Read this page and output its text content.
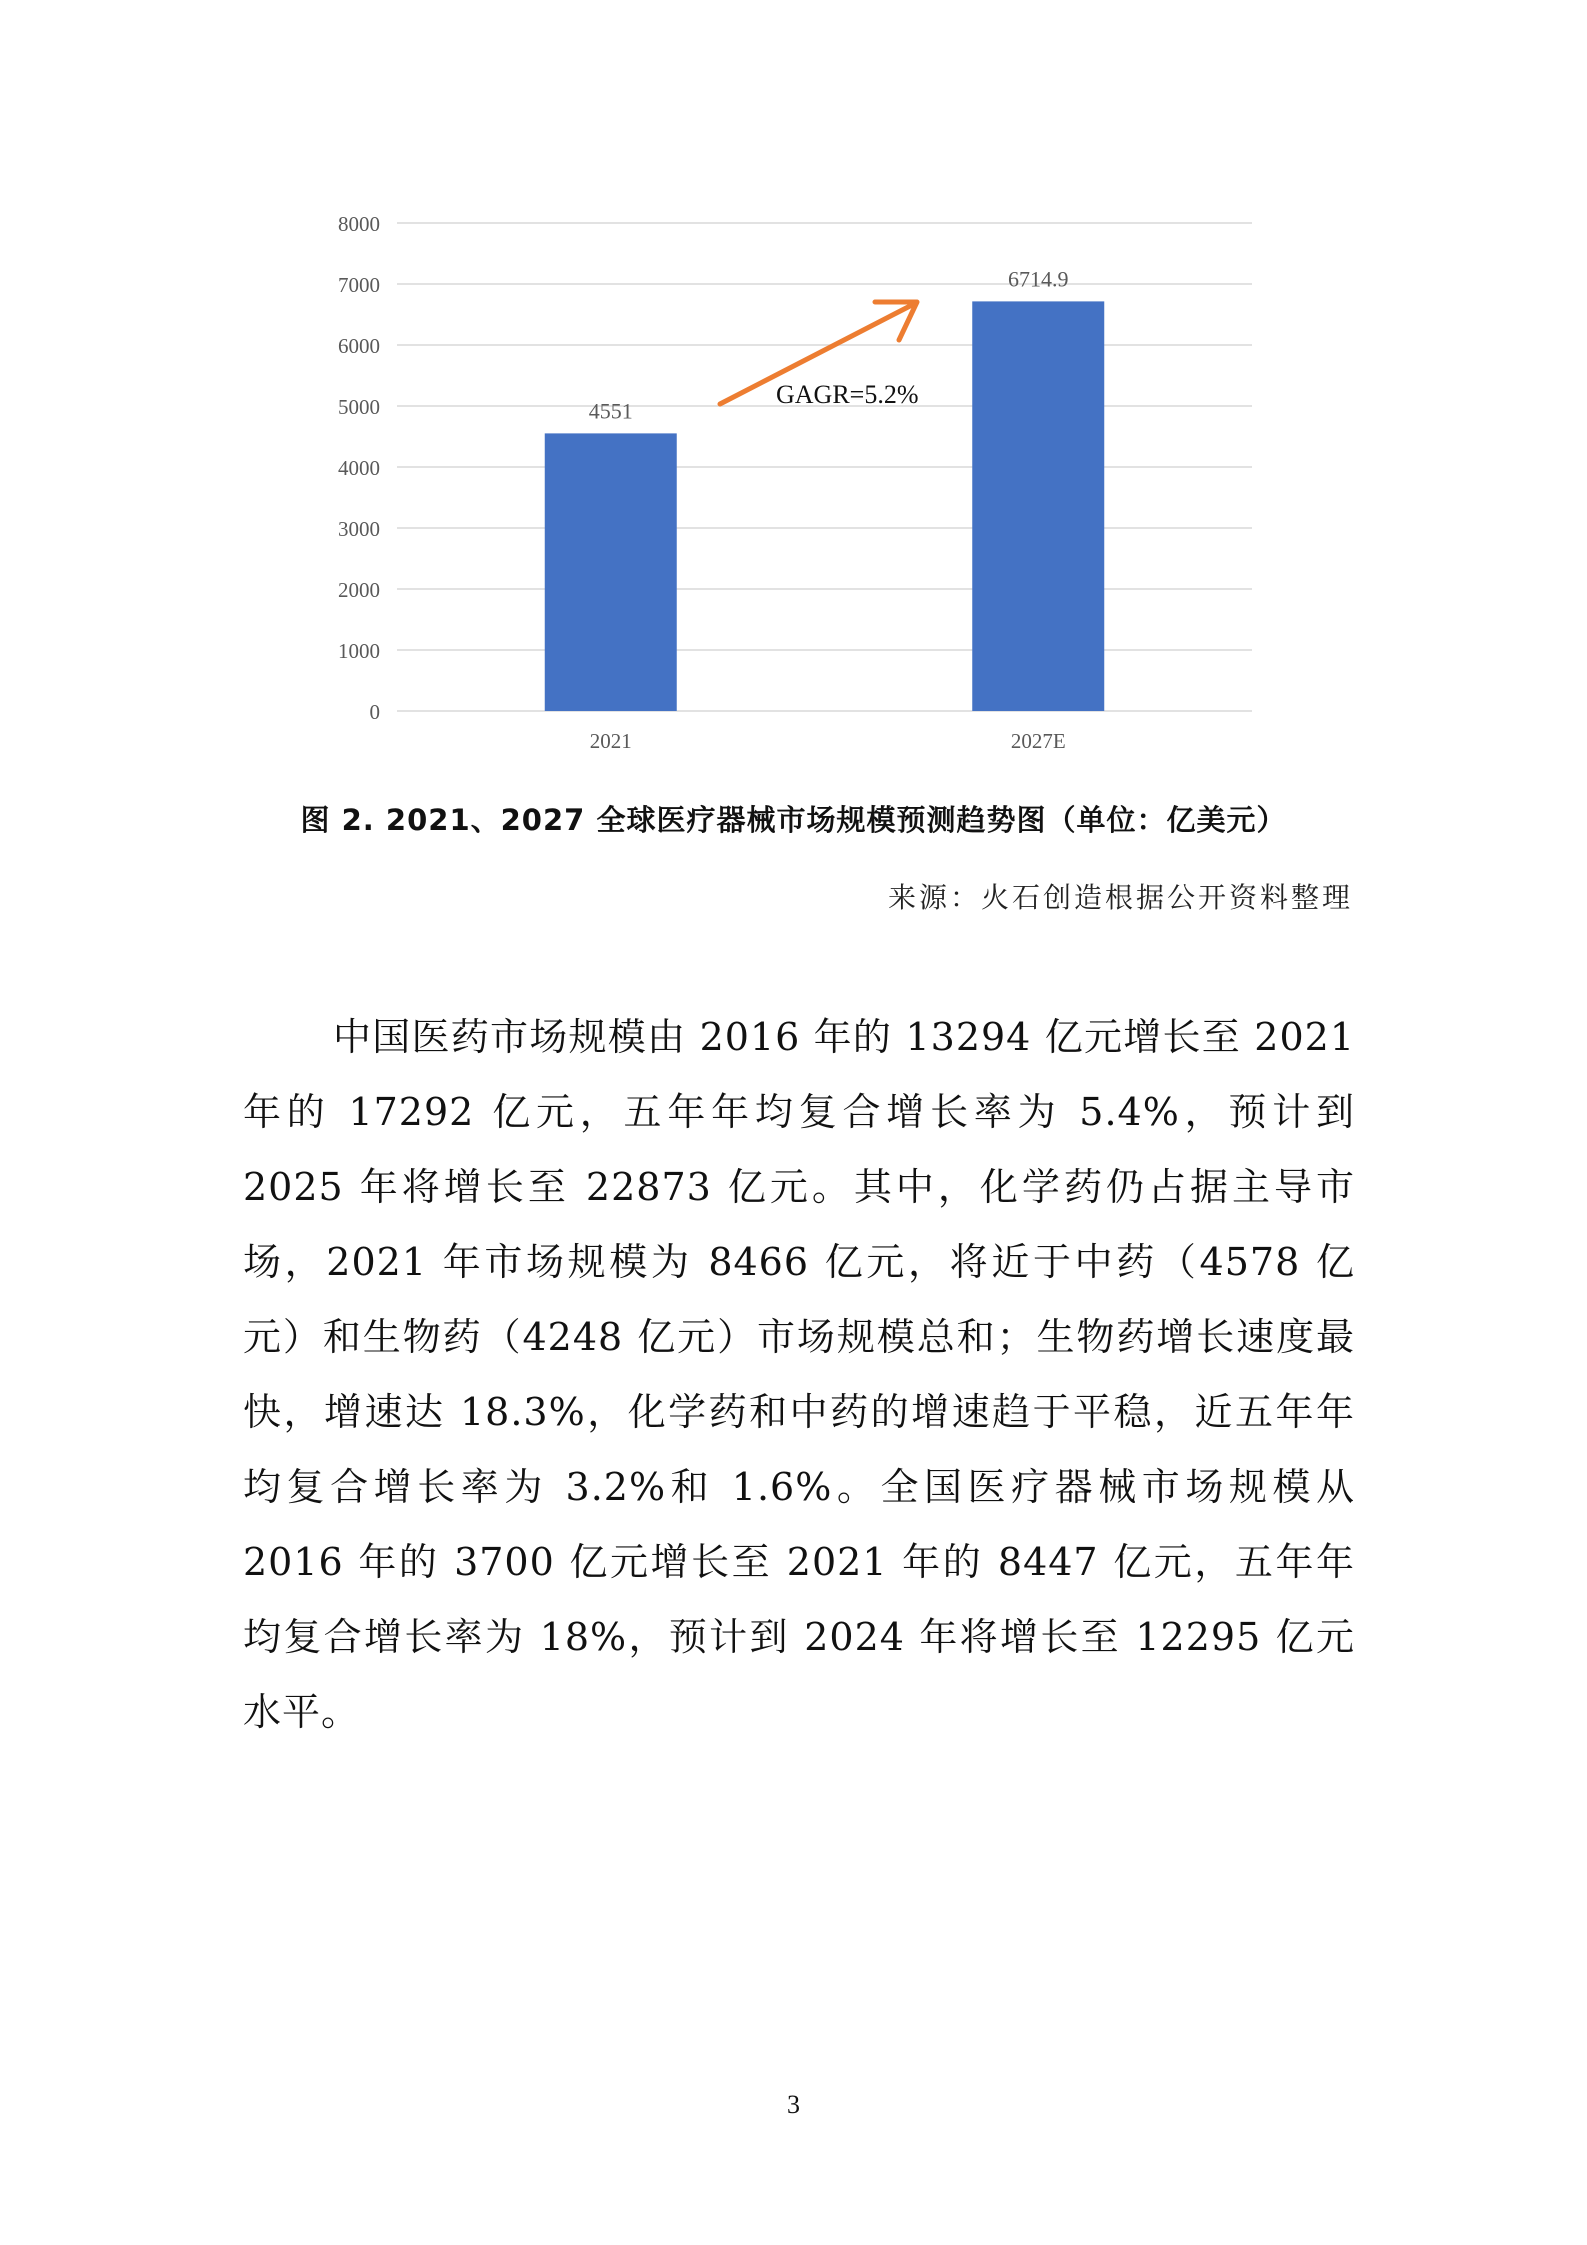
0
1000
2000
3000
4000
5000
6000
7000
8000
2021	2027E
4551
6714.9
GAGR=5.2%
图 2. 2021、2027 全球医疗器械市场规模预测趋势图（单位：亿美元）
来源：火石创造根据公开资料整理

中国医药市场规模由 2016 年的 13294 亿元增长至 2021 年的 17292 亿元，五年年均复合增长率为 5.4%，预计到 2025 年将增长至 22873 亿元。其中，化学药仍占据主导市场，2021 年市场规模为 8466 亿元，将近于中药（4578 亿元）和生物药（4248 亿元）市场规模总和；生物药增长速度最快，增速达 18.3%，化学药和中药的增速趋于平稳，近五年年均复合增长率为 3.2%和 1.6%。全国医疗器械市场规模从 2016 年的 3700 亿元增长至 2021 年的 8447 亿元，五年年均复合增长率为 18%，预计到 2024 年将增长至 12295 亿元水平。

3
